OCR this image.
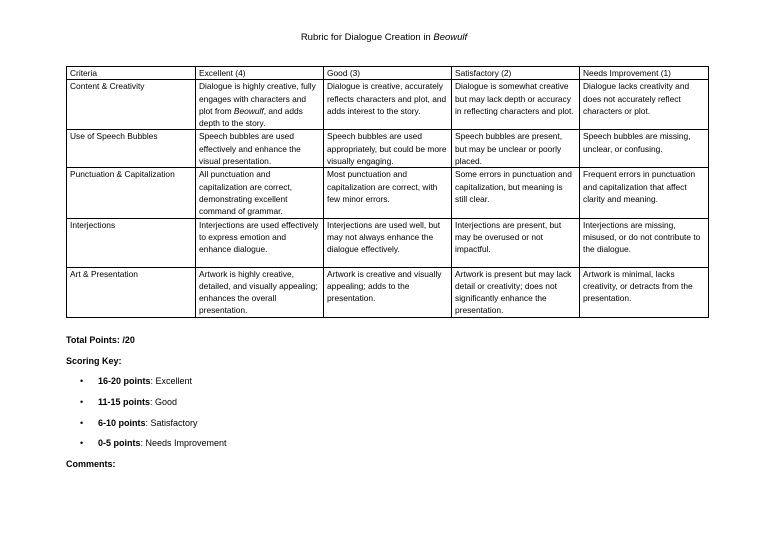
Rubric for Dialogue Creation in Beowulf
Criteria	Excellent (4)	Good (3)	Satisfactory (2)	Needs Improvement (1)
Content & Creativity	Dialogue is highly creative, fully engages with characters and plot from Beowulf, and adds depth to the story.	Dialogue is creative, accurately reflects characters and plot, and adds interest to the story.	Dialogue is somewhat creative but may lack depth or accuracy in reflecting characters and plot.	Dialogue lacks creativity and does not accurately reflect characters or plot.
Use of Speech Bubbles	Speech bubbles are used effectively and enhance the visual presentation.	Speech bubbles are used appropriately, but could be more visually engaging.	Speech bubbles are present, but may be unclear or poorly placed.	Speech bubbles are missing, unclear, or confusing.
Punctuation & Capitalization	All punctuation and capitalization are correct, demonstrating excellent command of grammar.	Most punctuation and capitalization are correct, with few minor errors.	Some errors in punctuation and capitalization, but meaning is still clear.	Frequent errors in punctuation and capitalization that affect clarity and meaning.
Interjections	Interjections are used effectively to express emotion and enhance dialogue.	Interjections are used well, but may not always enhance the dialogue effectively.	Interjections are present, but may be overused or not impactful.	Interjections are missing, misused, or do not contribute to the dialogue.
Art & Presentation	Artwork is highly creative, detailed, and visually appealing; enhances the overall presentation.	Artwork is creative and visually appealing; adds to the presentation.	Artwork is present but may lack detail or creativity; does not significantly enhance the presentation.	Artwork is minimal, lacks creativity, or detracts from the presentation.
Total Points: /20
Scoring Key:
• 16-20 points: Excellent
• 11-15 points: Good
• 6-10 points: Satisfactory
• 0-5 points: Needs Improvement
Comments:
